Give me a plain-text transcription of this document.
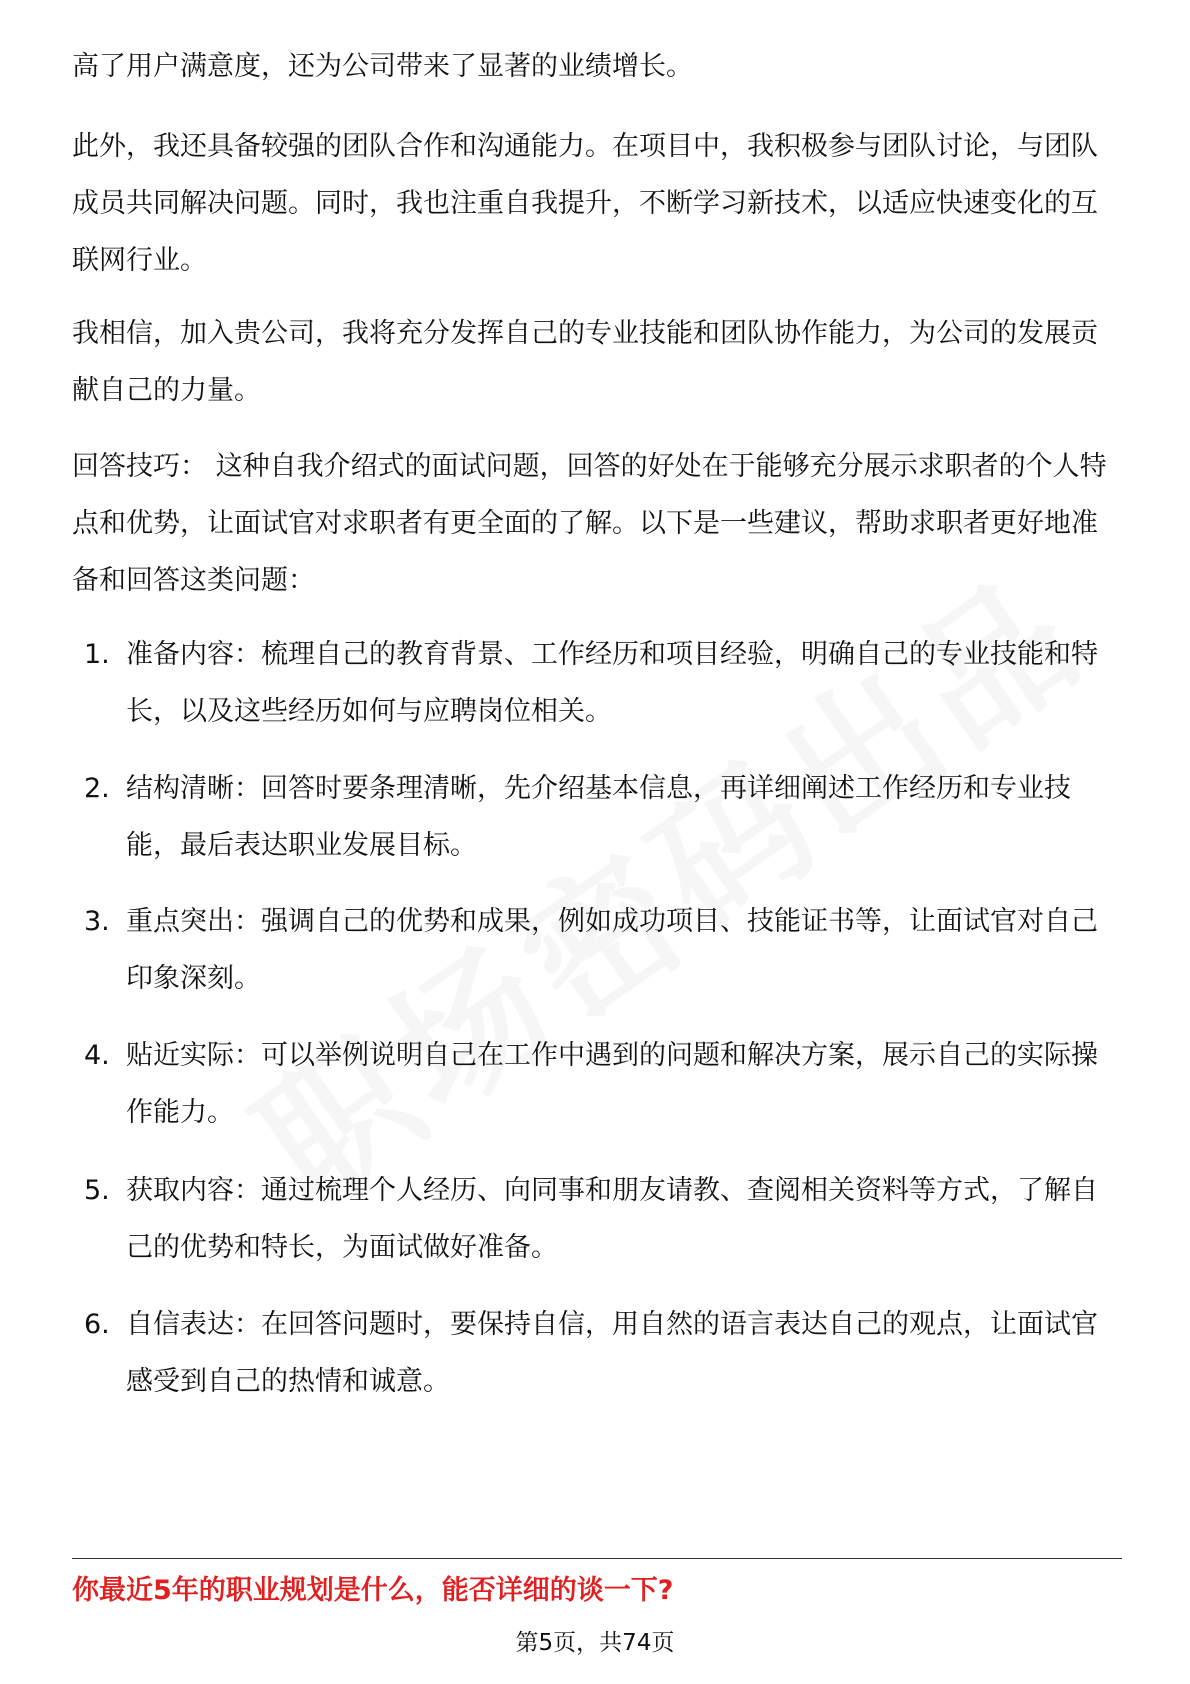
高了用户满意度，还为公司带来了显著的业绩增长。

此外，我还具备较强的团队合作和沟通能力。在项目中，我积极参与团队讨论，与团队成员共同解决问题。同时，我也注重自我提升，不断学习新技术，以适应快速变化的互联网行业。

我相信，加入贵公司，我将充分发挥自己的专业技能和团队协作能力，为公司的发展贡献自己的力量。

回答技巧： 这种自我介绍式的面试问题，回答的好处在于能够充分展示求职者的个人特点和优势，让面试官对求职者有更全面的了解。以下是一些建议，帮助求职者更好地准备和回答这类问题：

1. 准备内容：梳理自己的教育背景、工作经历和项目经验，明确自己的专业技能和特长，以及这些经历如何与应聘岗位相关。
2. 结构清晰：回答时要条理清晰，先介绍基本信息，再详细阐述工作经历和专业技能，最后表达职业发展目标。
3. 重点突出：强调自己的优势和成果，例如成功项目、技能证书等，让面试官对自己印象深刻。
4. 贴近实际：可以举例说明自己在工作中遇到的问题和解决方案，展示自己的实际操作能力。
5. 获取内容：通过梳理个人经历、向同事和朋友请教、查阅相关资料等方式，了解自己的优势和特长，为面试做好准备。
6. 自信表达：在回答问题时，要保持自信，用自然的语言表达自己的观点，让面试官感受到自己的热情和诚意。
你最近5年的职业规划是什么，能否详细的谈一下?
第5页，共74页
